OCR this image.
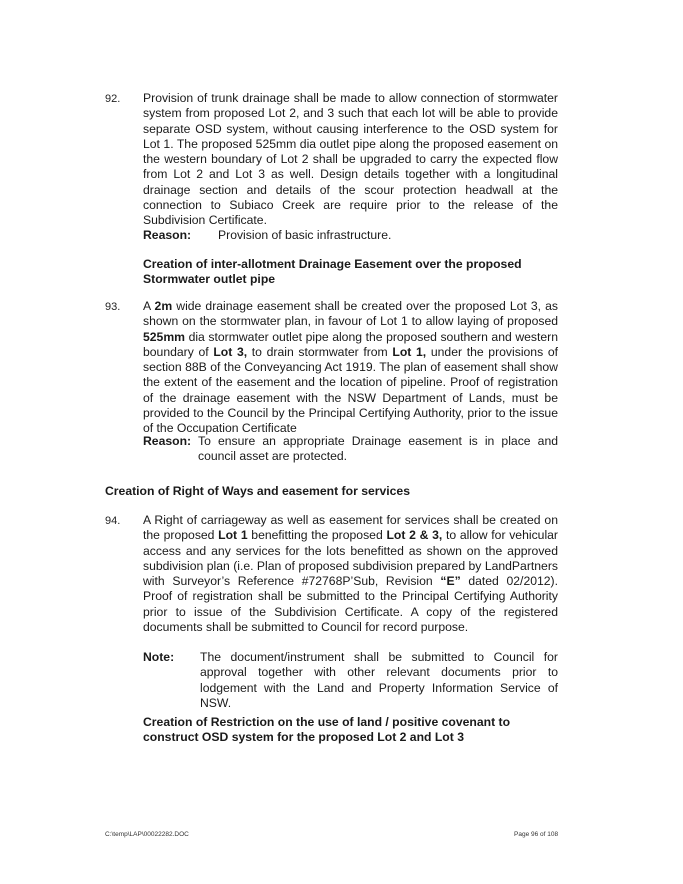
92. Provision of trunk drainage shall be made to allow connection of stormwater system from proposed Lot 2, and 3 such that each lot will be able to provide separate OSD system, without causing interference to the OSD system for Lot 1. The proposed 525mm dia outlet pipe along the proposed easement on the western boundary of Lot 2 shall be upgraded to carry the expected flow from Lot 2 and Lot 3 as well. Design details together with a longitudinal drainage section and details of the scour protection headwall at the connection to Subiaco Creek are require prior to the release of the Subdivision Certificate.
Reason: Provision of basic infrastructure.
Creation of inter-allotment Drainage Easement over the proposed Stormwater outlet pipe
93. A 2m wide drainage easement shall be created over the proposed Lot 3, as shown on the stormwater plan, in favour of Lot 1 to allow laying of proposed 525mm dia stormwater outlet pipe along the proposed southern and western boundary of Lot 3, to drain stormwater from Lot 1, under the provisions of section 88B of the Conveyancing Act 1919. The plan of easement shall show the extent of the easement and the location of pipeline. Proof of registration of the drainage easement with the NSW Department of Lands, must be provided to the Council by the Principal Certifying Authority, prior to the issue of the Occupation Certificate
Reason: To ensure an appropriate Drainage easement is in place and council asset are protected.
Creation of Right of Ways and easement for services
94. A Right of carriageway as well as easement for services shall be created on the proposed Lot 1 benefitting the proposed Lot 2 & 3, to allow for vehicular access and any services for the lots benefitted as shown on the approved subdivision plan (i.e. Plan of proposed subdivision prepared by LandPartners with Surveyor’s Reference #72768P’Sub, Revision “E” dated 02/2012). Proof of registration shall be submitted to the Principal Certifying Authority prior to issue of the Subdivision Certificate. A copy of the registered documents shall be submitted to Council for record purpose.
Note: The document/instrument shall be submitted to Council for approval together with other relevant documents prior to lodgement with the Land and Property Information Service of NSW.
Creation of Restriction on the use of land / positive covenant to construct OSD system for the proposed Lot 2 and Lot 3
C:\temp\LAP\00022282.DOC	Page 96 of 108
